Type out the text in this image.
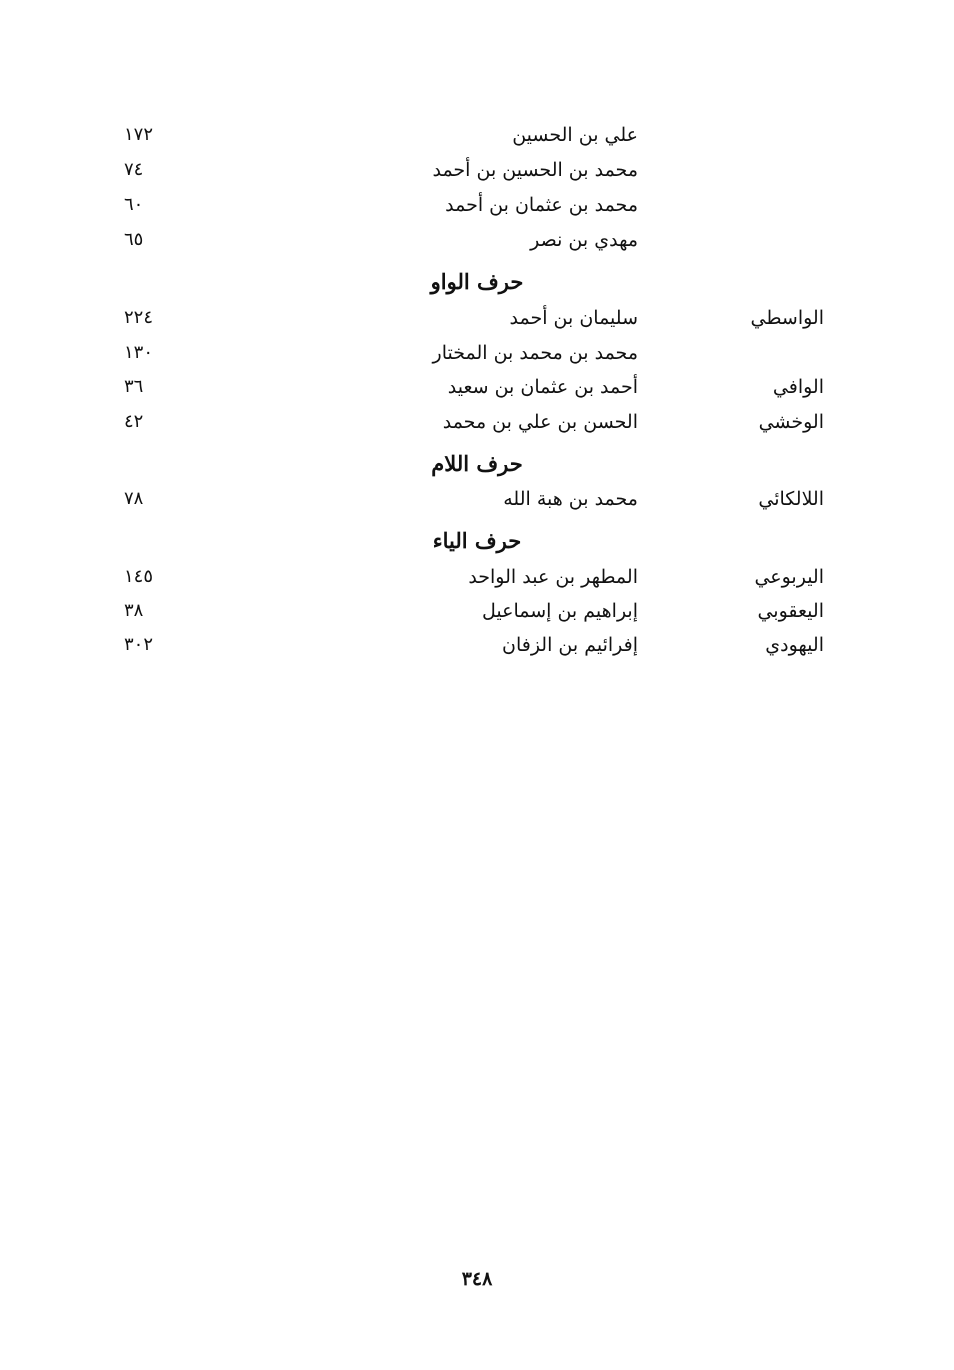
علي بن الحسين
١٧٢
محمد بن الحسين بن أحمد
٧٤
محمد بن عثمان بن أحمد
٦٠
مهدي بن نصر
٦٥
حرف الواو
الواسطي
سليمان بن أحمد
٢٢٤
محمد بن محمد بن المختار
١٣٠
الوافي
أحمد بن عثمان بن سعيد
٣٦
الوخشي
الحسن بن علي بن محمد
٤٢
حرف اللام
اللالكائي
محمد بن هبة الله
٧٨
حرف الياء
اليربوعي
المطهر بن عبد الواحد
١٤٥
اليعقوبي
إبراهيم بن إسماعيل
٣٨
اليهودي
إفرائيم بن الزفان
٣٠٢
٣٤٨
